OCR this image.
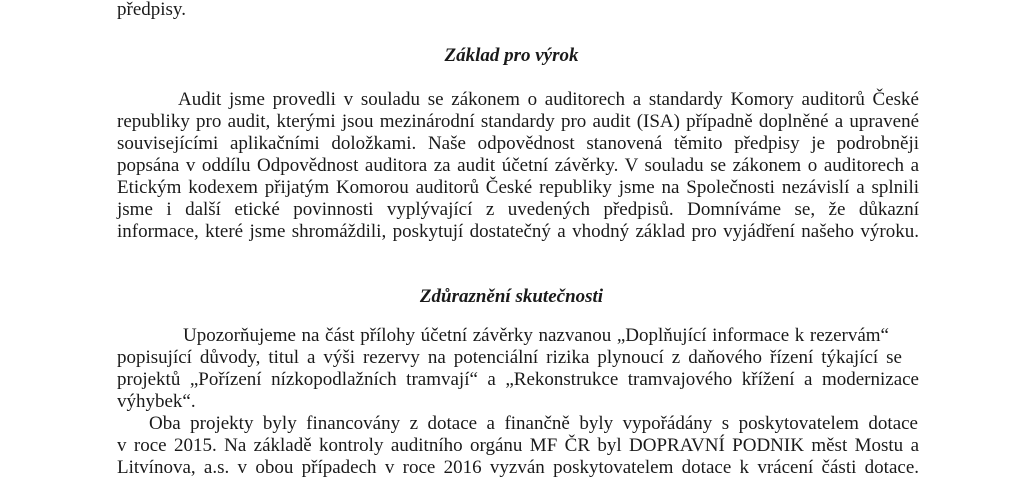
předpisy.
Základ pro výrok
Audit jsme provedli v souladu se zákonem o auditorech a standardy Komory auditorů České
republiky pro audit, kterými jsou mezinárodní standardy pro audit (ISA) případně doplněné a upravené
souvisejícími aplikačními doložkami. Naše odpovědnost stanovená těmito předpisy je podrobněji
popsána v oddílu Odpovědnost auditora za audit účetní závěrky. V souladu se zákonem o auditorech a
Etickým kodexem přijatým Komorou auditorů České republiky jsme na Společnosti nezávislí a splnili
jsme i další etické povinnosti vyplývající z uvedených předpisů. Domníváme se, že důkazní
informace, které jsme shromáždili, poskytují dostatečný a vhodný základ pro vyjádření našeho výroku.
Zdůraznění skutečnosti
Upozorňujeme na část přílohy účetní závěrky nazvanou „Doplňující informace k rezervám“
popisující důvody, titul a výši rezervy na potenciální rizika plynoucí z daňového řízení týkající se
projektů „Pořízení nízkopodlažních tramvají“ a „Rekonstrukce tramvajového křížení a modernizace
výhybek“.
Oba projekty byly financovány z dotace a finančně byly vypořádány s poskytovatelem dotace
v roce 2015. Na základě kontroly auditního orgánu MF ČR byl DOPRAVNÍ PODNIK měst Mostu a
Litvínova, a.s. v obou případech v roce 2016 vyzván poskytovatelem dotace k vrácení části dotace.
